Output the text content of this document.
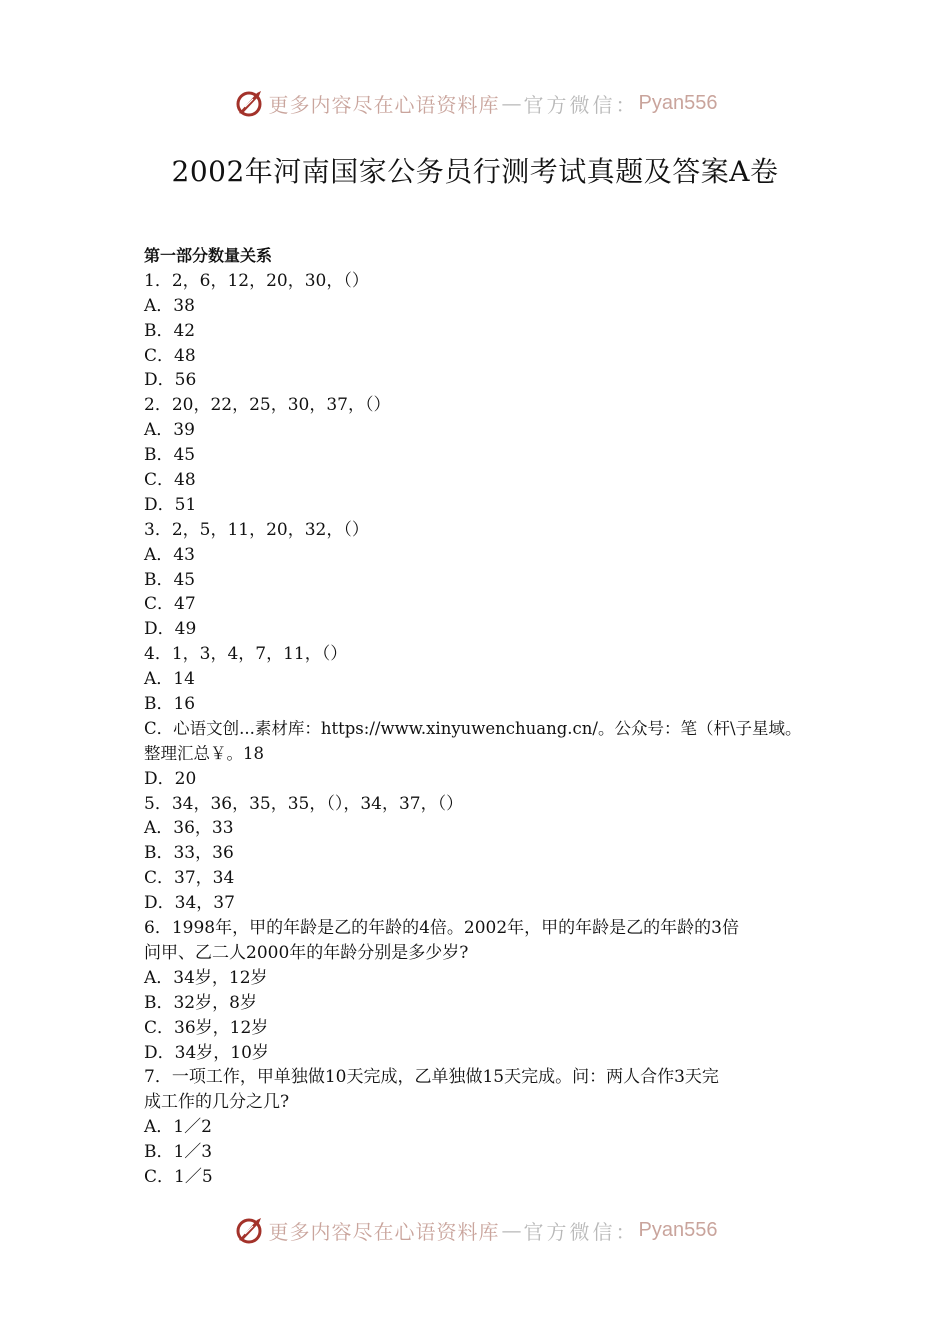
更多内容尽在心语资料库 — 官方微信： Pyan556
2002年河南国家公务员行测考试真题及答案A卷
第一部分数量关系
1．2，6，12，20，30，（）
A．38
B．42
C．48
D．56
2．20，22，25，30，37，（）
A．39
B．45
C．48
D．51
3．2，5，11，20，32，（）
A．43
B．45
C．47
D．49
4．1，3，4，7，11，（）
A．14
B．16
C．心语文创...素材库：https://www.xinyuwenchuang.cn/。公众号：笔（杆\子星域。
整理汇总￥。18
D．20
5．34，36，35，35，（），34，37，（）
A．36，33
B．33，36
C．37，34
D．34，37
6．1998年，甲的年龄是乙的年龄的4倍。2002年，甲的年龄是乙的年龄的3倍
问甲、乙二人2000年的年龄分别是多少岁?
A．34岁，12岁
B．32岁，8岁
C．36岁，12岁
D．34岁，10岁
7．一项工作，甲单独做10天完成，乙单独做15天完成。问：两人合作3天完
成工作的几分之几?
A．1／2
B．1／3
C．1／5
更多内容尽在心语资料库 — 官方微信： Pyan556
